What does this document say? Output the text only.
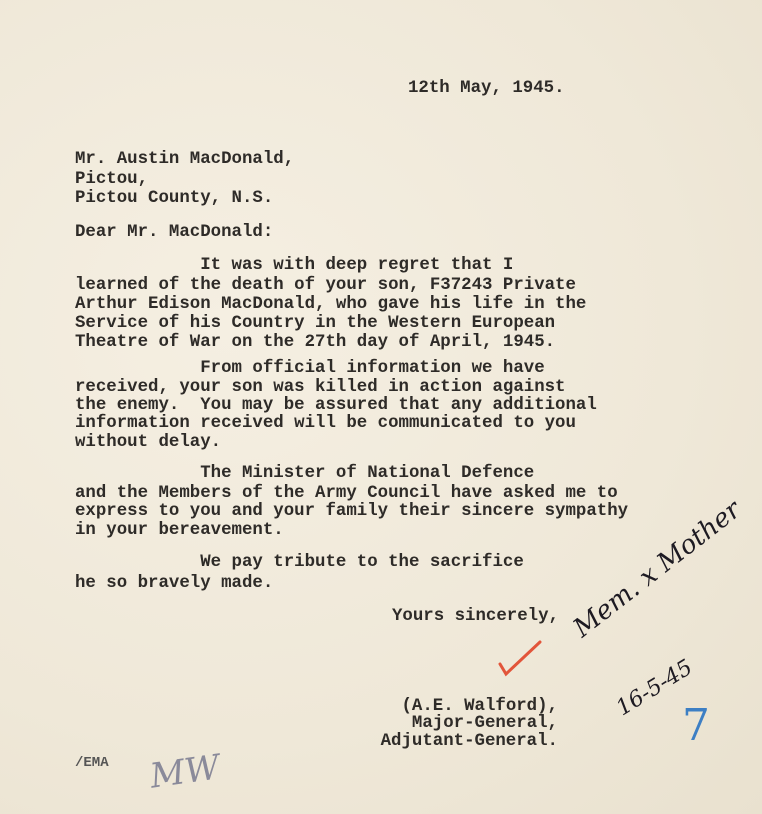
12th May, 1945.
Mr. Austin MacDonald,
Pictou,
Pictou County, N.S.
Dear Mr. MacDonald:
It was with deep regret that I
learned of the death of your son, F37243 Private
Arthur Edison MacDonald, who gave his life in the
Service of his Country in the Western European
Theatre of War on the 27th day of April, 1945.
From official information we have
received, your son was killed in action against
the enemy.  You may be assured that any additional
information received will be communicated to you
without delay.
The Minister of National Defence
and the Members of the Army Council have asked me to
express to you and your family their sincere sympathy
in your bereavement.
We pay tribute to the sacrifice
he so bravely made.
Yours sincerely,
(A.E. Walford),
Major-General,
Adjutant-General.
/EMA
Mem. x Mother
16-5-45
7
MW
